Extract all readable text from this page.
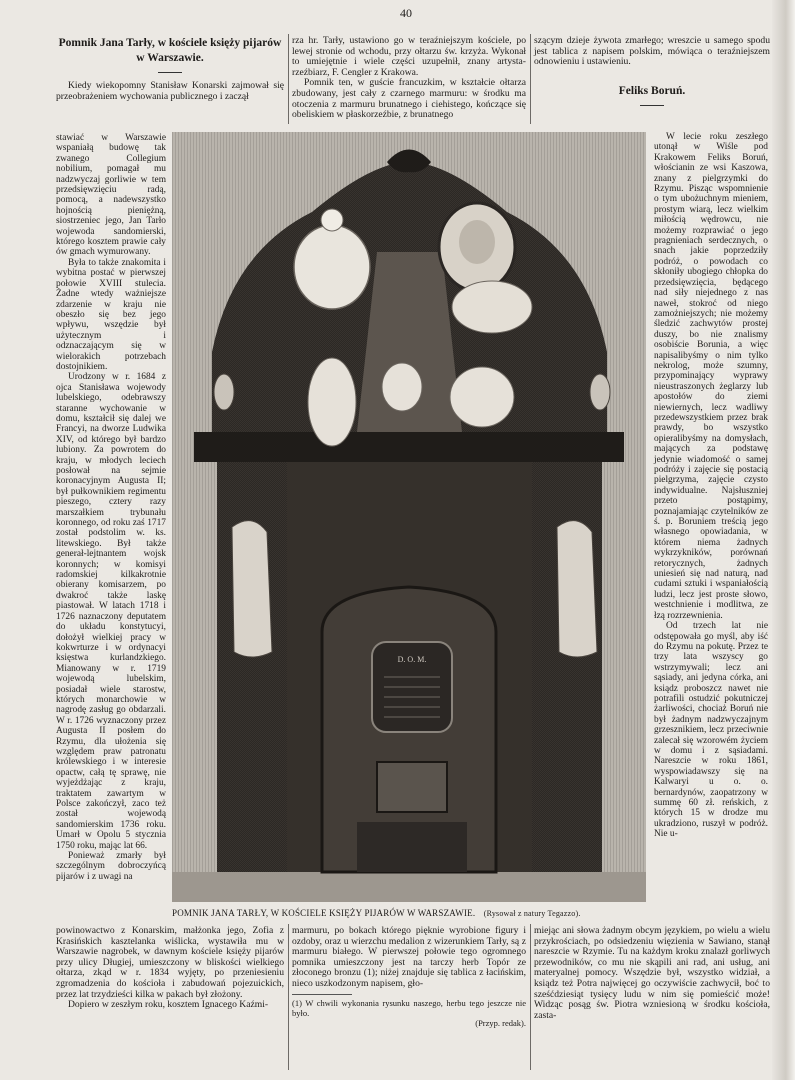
40
Pomnik Jana Tarły, w kościele księży pijarów w Warszawie.

Kiedy wiekopomny Stanisław Konarski zajmował się przeobrażeniem wychowania publicznego i zaczął

stawiać w Warszawie wspaniałą budowę tak zwanego Collegium nobilium, pomagał mu nadzwyczaj gorliwie w tem przedsięwzięciu radą, pomocą, a nadewszystko hojnością pieniężną, siostrzeniec jego, Jan Tarło wojewoda sandomierski, którego kosztem prawie cały ów gmach wymurowany.

Była to także znakomita i wybitna postać w pierwszej połowie XVIII stulecia. Żadne wtedy ważniejsze zdarzenie w kraju nie obeszło się bez jego wpływu, wszędzie był użytecznym i odznaczającym się w wielorakich potrzebach dostojnikiem.

Urodzony w r. 1684 z ojca Stanisława wojewody lubelskiego, odebrawszy staranne wychowanie w domu, kształcił się dalej we Francyi, na dworze Ludwika XIV, od którego był bardzo lubiony. Za powrotem do kraju, w młodych leciech posłował na sejmie koronacyjnym Augusta II; był pułkownikiem regimentu pieszego, cztery razy marszałkiem trybunału koronnego, od roku zaś 1717 został podstolim w. ks. litewskiego. Był także generał-lejtnantem wojsk koronnych; w komisyi radomskiej kilkakrotnie obierany komisarzem, po dwakroć także laskę piastował. W latach 1718 i 1726 naznaczony deputatem do układu konstytucyi, dołożył wielkiej pracy w kokwrturze i w ordynacyi księstwa kurlandzkiego. Mianowany w r. 1719 wojewodą lubelskim, posiadał wiele starostw, których monarchowie w nagrodę zasług go obdarzali. W r. 1726 wyznaczony przez Augusta II posłem do Rzymu, dla ułożenia się względem praw patronatu królewskiego i w interesie opactw, całą tę sprawę, nie wyjeżdżając z kraju, traktatem zawartym w Polsce zakończył, zaco też został wojewodą sandomierskim 1736 roku. Umarł w Opolu 5 stycznia 1750 roku, mając lat 66.

Ponieważ zmarły był szczególnym dobroczyńcą pijarów i z uwagi na

powinowactwo z Konarskim, małżonka jego, Zofia z Krasińskich kasztelanka wiślicka, wystawiła mu w Warszawie nagrobek, w dawnym kościele księży pijarów przy ulicy Długiej, umieszczony w bliskości wielkiego ołtarza, zkąd w r. 1834 wyjęty, po przeniesieniu zgromadzenia do kościoła i zabudowań pojezuickich, przez lat trzydzieści kilka w pakach był złożony.

Dopiero w zeszłym roku, kosztem Ignacego Kaźmi-

rza hr. Tarły, ustawiono go w teraźniejszym kościele, po lewej stronie od wchodu, przy ołtarzu św. krzyża. Wykonał to umiejętnie i wiele części uzupełnił, znany artysta-rzeźbiarz, F. Cengler z Krakowa.

Pomnik ten, w guście francuzkim, w kształcie ołtarza zbudowany, jest cały z czarnego marmuru: w środku ma otoczenia z marmuru brunatnego i ciehistego, kończące się obeliskiem w płaskorzeźbie, z brunatnego

marmuru, po bokach którego pięknie wyrobione figury i ozdoby, oraz u wierzchu medalion z wizerunkiem Tarły, są z marmuru białego. W pierwszej połowie tego ogromnego pomnika umieszczony jest na tarczy herb Topór ze złoconego bronzu (1); niżej znajduje się tablica z łacińskim, nieco uszkodzonym napisem, gło-

(1) W chwili wykonania rysunku naszego, herbu tego jeszcze nie było.
(Przyp. redak).

szącym dzieje żywota zmarłego; wreszcie u samego spodu jest tablica z napisem polskim, mówiąca o teraźniejszem odnowieniu i ustawieniu.

Feliks Boruń.

W lecie roku zeszłego utonął w Wiśle pod Krakowem Feliks Boruń, włościanin ze wsi Kaszowa, znany z pielgrzymki do Rzymu. Pisząc wspomnienie o tym ubożuchnym mieniem, prostym wiarą, lecz wielkim miłością wędrowcu, nie możemy rozprawiać o jego pragnieniach serdecznych, o snach jakie poprzedziły podróż, o powodach co skłoniły ubogiego chłopka do przedsięwzięcia, będącego nad siły niejednego z nas naweł, stokroć od niego zamożniejszych; nie możemy śledzić zachwytów prostej duszy, bo nie znalismy osobiście Borunia, a więc napisalibyśmy o nim tylko nekrolog, może szumny, przypominający wyprawy nieustraszonych żeglarzy lub apostołów do ziemi niewiernych, lecz wadliwy przedewszystkiem przez brak prawdy, bo wszystko opieralibyśmy na domysłach, mających za podstawę jedynie wiadomość o samej podróży i zajęcie się postacią pielgrzyma, zajęcie czysto indywidualne. Najsłuszniej przeto postąpimy, poznajamiając czytelników ze ś. p. Boruniem treścią jego własnego opowiadania, w którem niema żadnych wykrzykników, porównań retorycznych, żadnych uniesień się nad naturą, nad cudami sztuki i wspaniałością ludzi, lecz jest proste słowo, westchnienie i modlitwa, ze łzą rozrzewnienia.

Od trzech lat nie odstępowała go myśl, aby iść do Rzymu na pokutę. Przez te trzy lata wszyscy go wstrzymywali; lecz ani sąsiady, ani jedyna córka, ani ksiądz proboszcz nawet nie potrafili ostudzić pokutniczej żarliwości, chociaż Boruń nie był żadnym nadzwyczajnym grzesznikiem, lecz przeciwnie zalecał się wzorowém życiem w domu i z sąsiadami. Nareszcie w roku 1861, wyspowiadawszy się na Kalwaryi u o. o. bernardynów, zaopatrzony w summę 60 zł. reńskich, z których 15 w drodze mu ukradziono, ruszył w podróż. Nie u-

miejąc ani słowa żadnym obcym językiem, po wielu a wielu przykrościach, po odsiedzeniu więzienia w Sawiano, stanął nareszcie w Rzymie. Tu na każdym kroku znalazł gorliwych przewodników, co mu nie skąpili ani rad, ani usług, ani materyalnej pomocy. Wszędzie był, wszystko widział, a ksiądz też Potra najwięcej go oczywiście zachwycił, boć to sześćdziesiąt tysięcy ludu w nim się pomieścić może! Widząc posąg św. Piotra wzniesioną w środku kościoła, zasta-

D. O. M.
POMNIK JANA TARŁY, W KOŚCIELE KSIĘŻY PIJARÓW W WARSZAWIE. (Rysował z natury Tegazzo).
